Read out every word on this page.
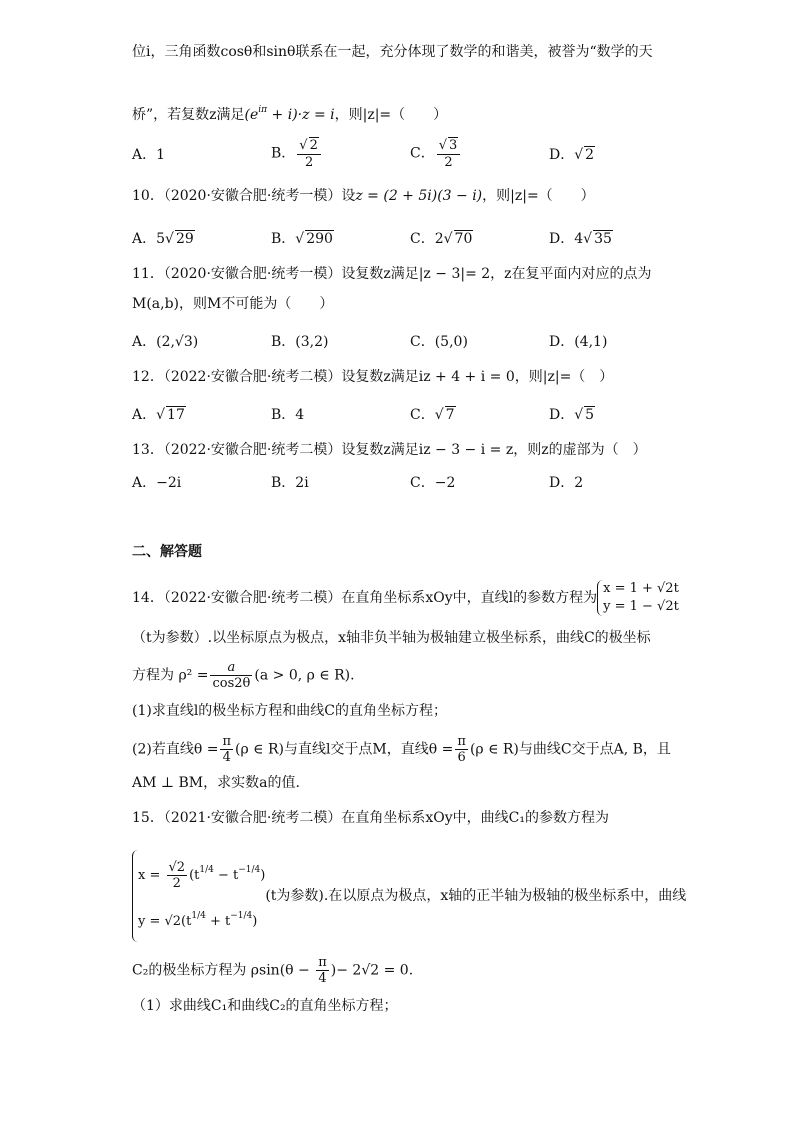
位i，三角函数cosθ和sinθ联系在一起，充分体现了数学的和谐美，被誉为“数学的天
桥”，若复数z满足$(e^{i\pi} + i)\cdot z = i$，则|z|=（　　）
A．1	B． $\frac{√ 2}{2}$	C． $\frac{√ 3}{2}$	D．√ 2
10．（2020·安徽合肥·统考一模）设z = (2 + 5i)(3 − i)，则|z|=（　　）
A．5√ 29	B．√ 290	C．2√ 70	D．4√ 35
11．（2020·安徽合肥·统考一模）设复数z满足|z − 3|= 2，z在复平面内对应的点为
M(a,b)，则M不可能为（　　）
A．(2,√3)	B．(3,2)	C．(5,0)	D．(4,1)
12．（2022·安徽合肥·统考二模）设复数z满足iz + 4 + i = 0，则|z|=（　）
A．√ 17	B．4	C．√ 7	D．√ 5
13．（2022·安徽合肥·统考二模）设复数z满足iz − 3 − i = z，则z的虚部为（　）
A．−2i	B．2i	C．−2	D．2
二、解答题
14．（2022·安徽合肥·统考二模）在直角坐标系xOy中，直线l的参数方程为
x = 1 + √2t
y = 1 − √2t
（t为参数）.以坐标原点为极点，x轴非负半轴为极轴建立极坐标系，曲线C的极坐标
方程为 $\rho^2 = \frac{a}{\cos 2\theta} (a > 0$, ρ ∈ R).
(1)求直线l的极坐标方程和曲线C的直角坐标方程；
(2)若直线$\theta = \frac{\pi}{4} (\rho$ ∈ R)与直线l交于点M，直线$\theta = \frac{\pi}{6} (\rho$ ∈ R)与曲线C交于点A, B，且
AM ⊥ BM，求实数a的值.
15．（2021·安徽合肥·统考二模）在直角坐标系xOy中，曲线C₁的参数方程为
$x = \frac{√2}{2} (t^{1/4} - t^{-1/4})$
$y = √2(t^{1/4} + t^{-1/4})$
(t为参数).在以原点为极点，x轴的正半轴为极轴的极坐标系中，曲线
C₂的极坐标方程为 $\rho\sin(\theta - \frac{\pi}{4}$ )− 2√2 = 0.
（1）求曲线C₁和曲线C₂的直角坐标方程；
